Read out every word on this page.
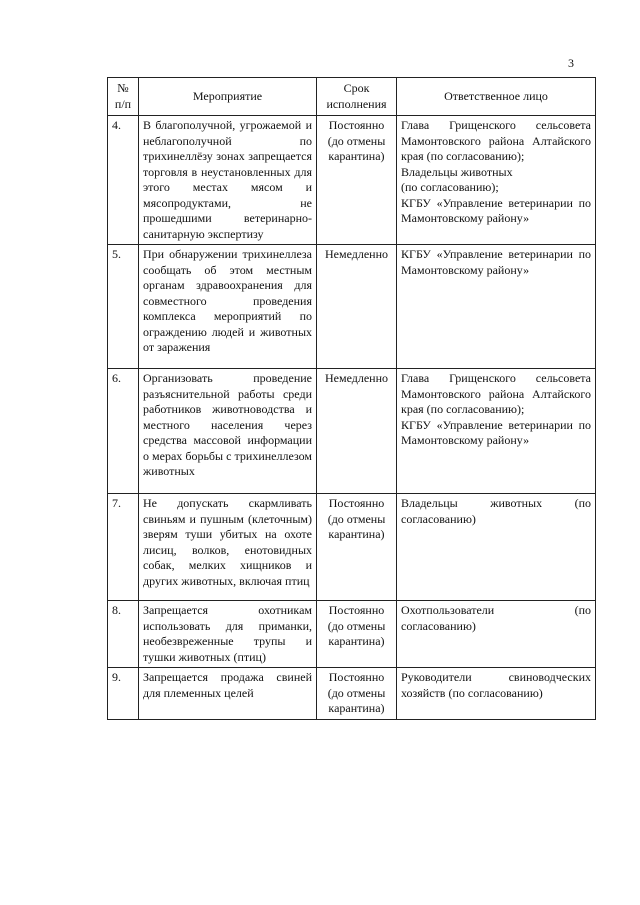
3
№ п/п	Мероприятие	Срок исполнения	Ответственное лицо
4.	В благополучной, угрожаемой и неблагополучной по трихинеллёзу зонах запрещается торговля в неустановленных для этого местах мясом и мясопродуктами, не прошедшими ветеринарно-санитарную экспертизу	Постоянно (до отмены карантина)	Глава Грищенского сельсовета Мамонтовского района Алтайского края (по согласованию);
Владельцы животных
(по согласованию);
КГБУ «Управление ветеринарии по Мамонтовскому району»
5.	При обнаружении трихинеллеза сообщать об этом местным органам здравоохранения для совместного проведения комплекса мероприятий по ограждению людей и животных от заражения	Немедленно	КГБУ «Управление ветеринарии по Мамонтовскому району»
6.	Организовать проведение разъяснительной работы среди работников животноводства и местного населения через средства массовой информации о мерах борьбы с трихинеллезом животных	Немедленно	Глава Грищенского сельсовета Мамонтовского района Алтайского края (по согласованию);
КГБУ «Управление ветеринарии по Мамонтовскому району»
7.	Не допускать скармливать свиньям и пушным (клеточным) зверям туши убитых на охоте лисиц, волков, енотовидных собак, мелких хищников и других животных, включая птиц	Постоянно (до отмены карантина)	Владельцы животных (по согласованию)
8.	Запрещается охотникам использовать для приманки, необезвреженные трупы и тушки животных (птиц)	Постоянно (до отмены карантина)	Охотпользователи (по согласованию)
9.	Запрещается продажа свиней для племенных целей	Постоянно (до отмены карантина)	Руководители свиноводческих хозяйств (по согласованию)
